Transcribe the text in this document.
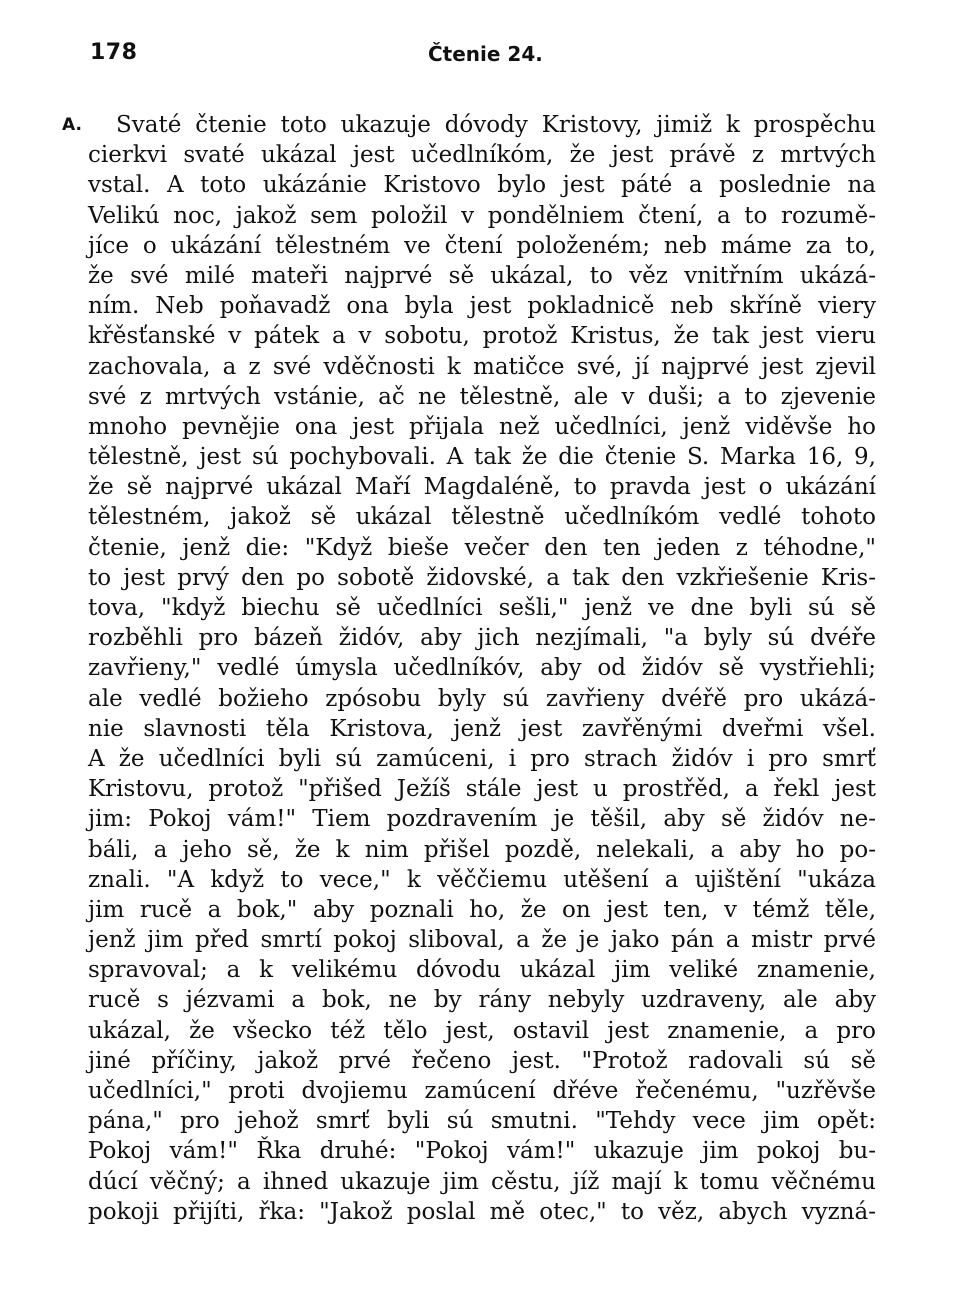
178	Čtenie 24.
A.	Svaté čtenie toto ukazuje dóvody Kristovy, jimiž k prospěchu
cierkvi svaté ukázal jest učedlníkóm, že jest právě z mrtvých
vstal. A toto ukázánie Kristovo bylo jest páté a poslednie na
Velikú noc, jakož sem položil v pondělniem čtení, a to rozumě-
jíce o ukázání tělestném ve čtení položeném; neb máme za to,
že své milé mateři najprvé sě ukázal, to věz vnitřním ukázá-
ním. Neb poňavadž ona byla jest pokladnicě neb skříně viery
křěsťanské v pátek a v sobotu, protož Kristus, že tak jest vieru
zachovala, a z své vděčnosti k matičce své, jí najprvé jest zjevil
své z mrtvých vstánie, ač ne tělestně, ale v duši; a to zjevenie
mnoho pevnějie ona jest přijala než učedlníci, jenž viděvše ho
tělestně, jest sú pochybovali. A tak že die čtenie S. Marka 16, 9,
že sě najprvé ukázal Maří Magdaléně, to pravda jest o ukázání
tělestném, jakož sě ukázal tělestně učedlníkóm vedlé tohoto
čtenie, jenž die: "Když bieše večer den ten jeden z téhodne,"
to jest prvý den po sobotě židovské, a tak den vzkřiešenie Kris-
tova, "když biechu sě učedlníci sešli," jenž ve dne byli sú sě
rozběhli pro bázeň židóv, aby jich nezjímali, "a byly sú dvéře
zavřieny," vedlé úmysla učedlníkóv, aby od židóv sě vystřiehli;
ale vedlé božieho zpósobu byly sú zavřieny dvéřě pro ukázá-
nie slavnosti těla Kristova, jenž jest zavřěnými dveřmi všel.
A že učedlníci byli sú zamúceni, i pro strach židóv i pro smrť
Kristovu, protož "přišed Ježíš stále jest u prostřěd, a řekl jest
jim: Pokoj vám!" Tiem pozdravením je těšil, aby sě židóv ne-
báli, a jeho sě, že k nim přišel pozdě, nelekali, a aby ho po-
znali. "A když to vece," k věččiemu utěšení a ujištění "ukáza
jim rucě a bok," aby poznali ho, že on jest ten, v témž těle,
jenž jim před smrtí pokoj sliboval, a že je jako pán a mistr prvé
spravoval; a k velikému dóvodu ukázal jim veliké znamenie,
rucě s jézvami a bok, ne by rány nebyly uzdraveny, ale aby
ukázal, že všecko též tělo jest, ostavil jest znamenie, a pro
jiné příčiny, jakož prvé řečeno jest. "Protož radovali sú sě
učedlníci," proti dvojiemu zamúcení dřéve řečenému, "uzřěvše
pána," pro jehož smrť byli sú smutni. "Tehdy vece jim opět:
Pokoj vám!" Řka druhé: "Pokoj vám!" ukazuje jim pokoj bu-
dúcí věčný; a ihned ukazuje jim cěstu, jíž mají k tomu věčnému
pokoji přijíti, řka: "Jakož poslal mě otec," to věz, abych vyzná-
